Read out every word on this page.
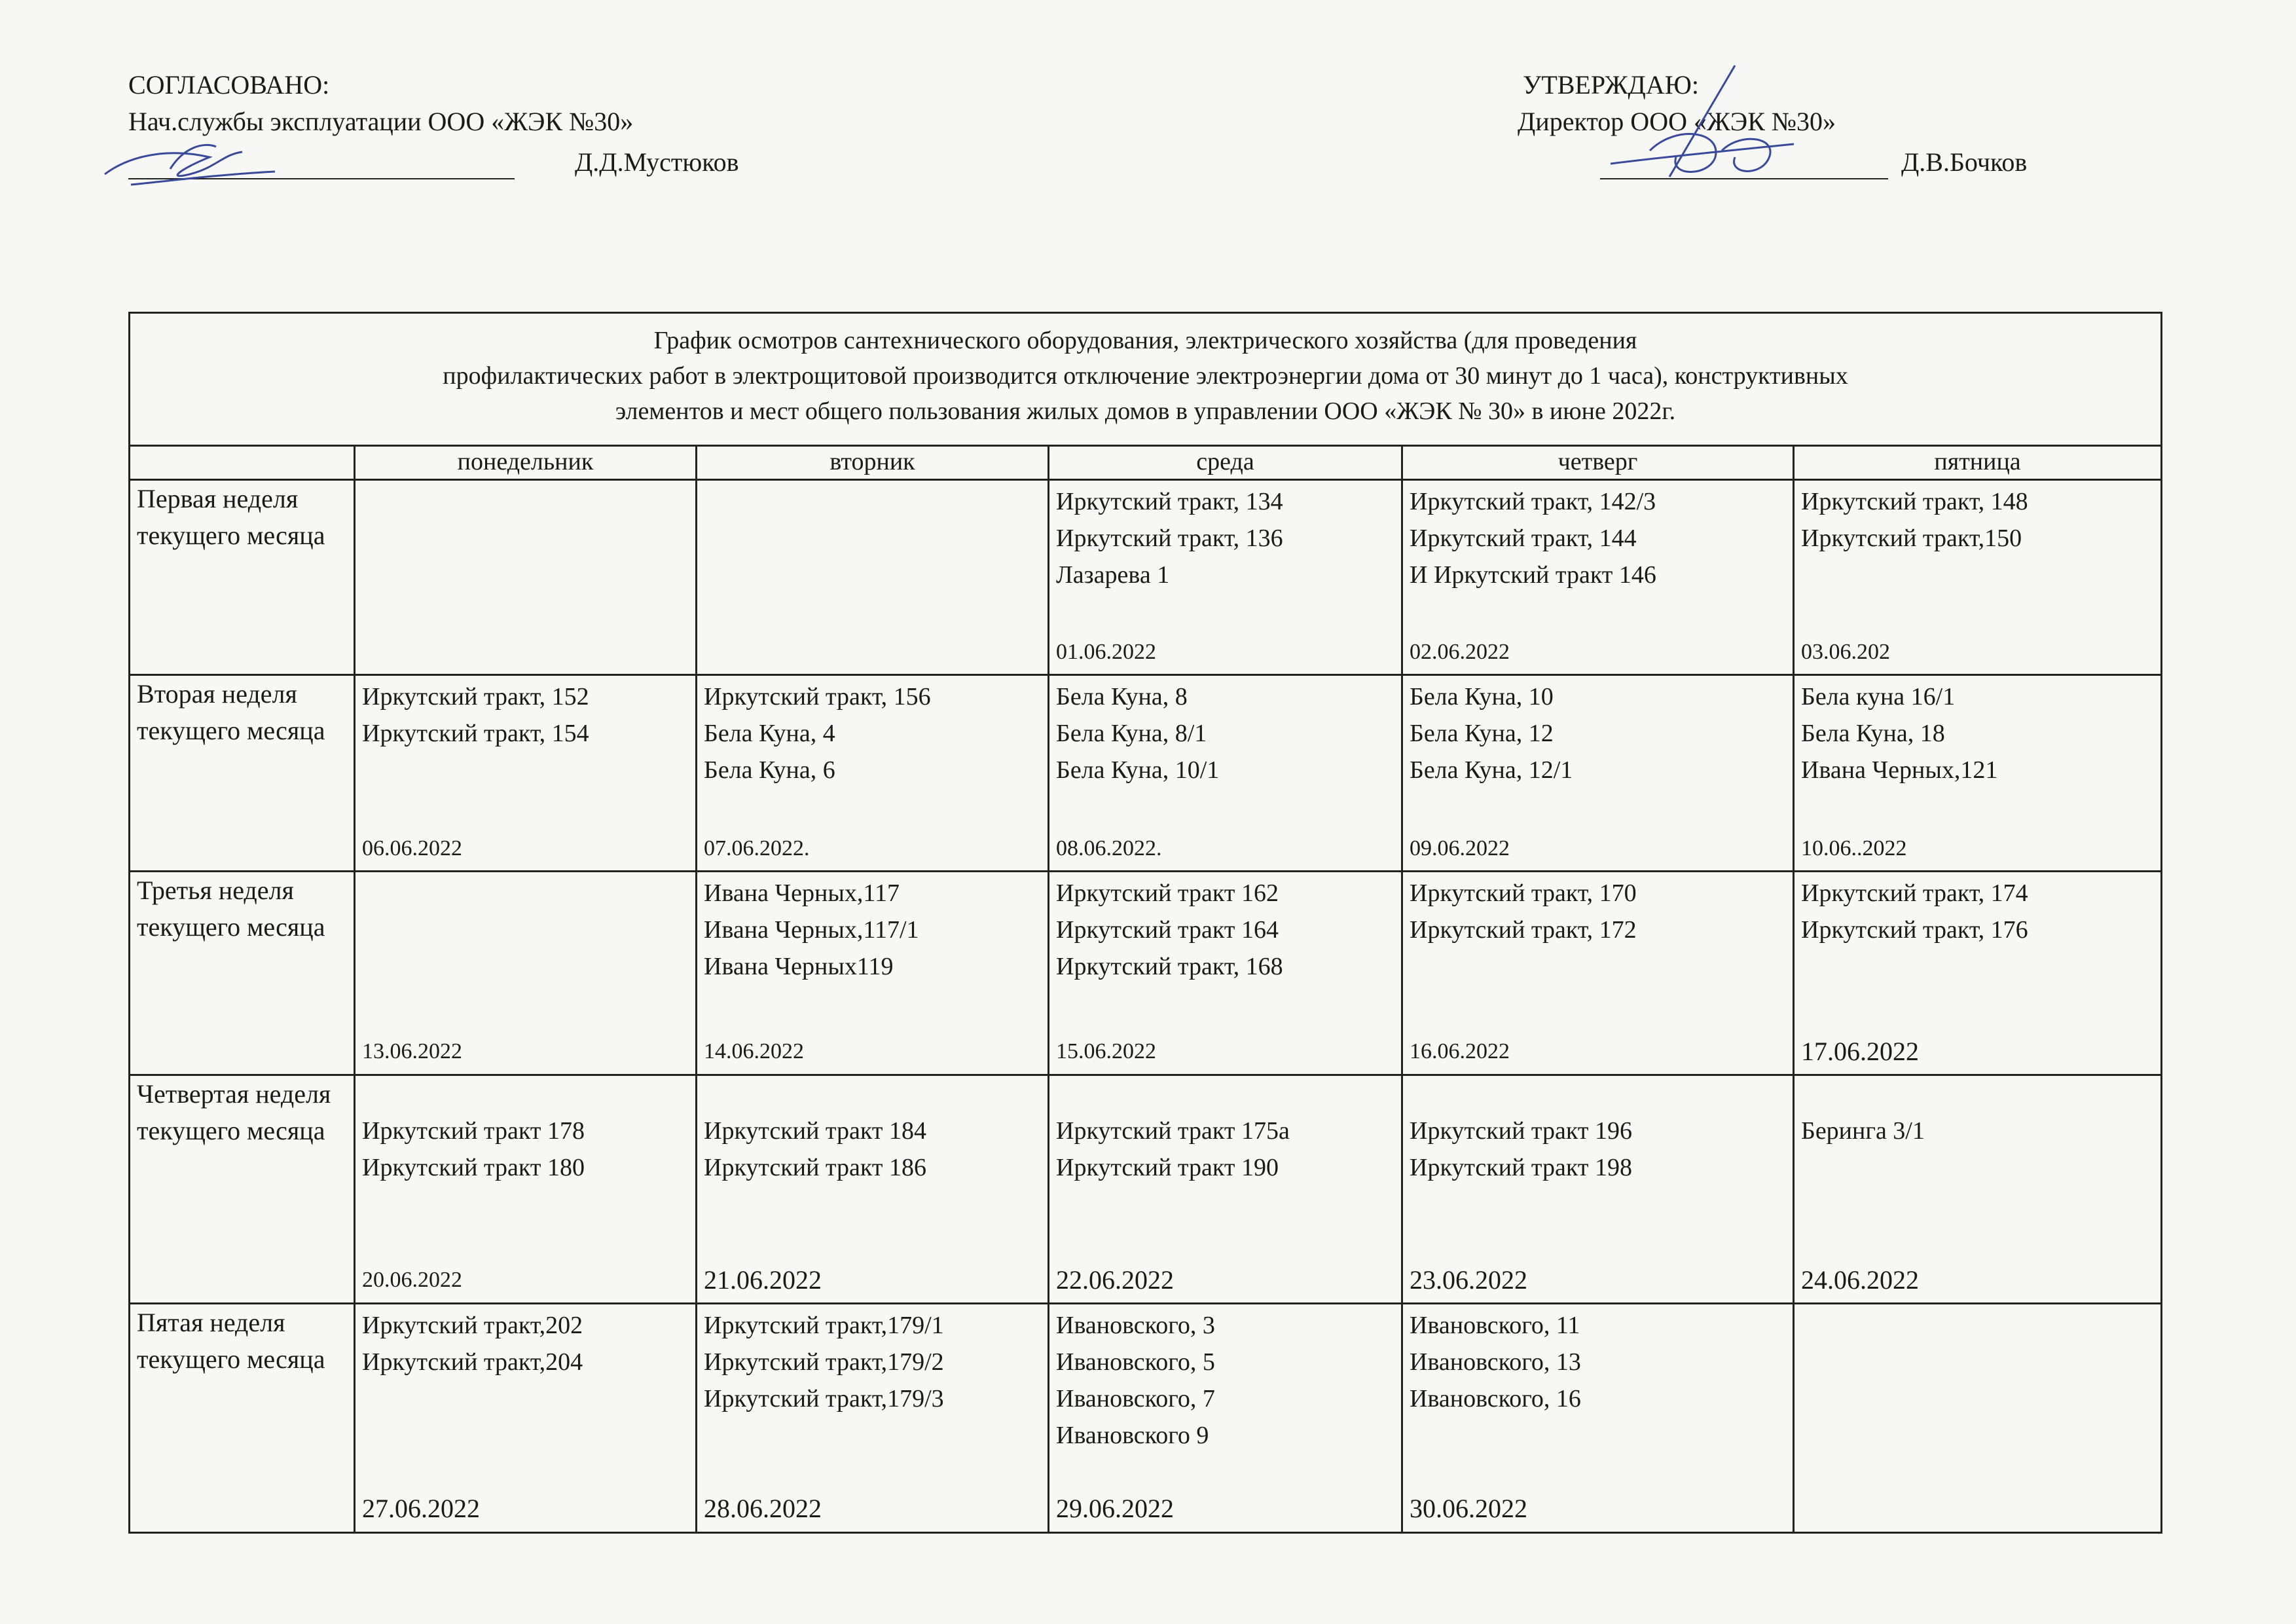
СОГЛАСОВАНО:
Нач.службы эксплуатации ООО «ЖЭК №30»
Д.Д.Мустюков
УТВЕРЖДАЮ:
Директор ООО «ЖЭК №30»
Д.В.Бочков
График осмотров сантехнического оборудования, электрического хозяйства (для проведения
профилактических работ в электрощитовой производится отключение электроэнергии дома от 30 минут до 1 часа), конструктивных
элементов и мест общего пользования жилых домов в управлении ООО «ЖЭК № 30» в июне 2022г.					

	понедельник	вторник	среда	четверг	пятница
Первая неделя текущего месяца			Иркутский тракт, 134
Иркутский тракт, 136
Лазарева 1
01.06.2022	Иркутский тракт, 142/3
Иркутский тракт, 144
И Иркутский тракт 146
02.06.2022	Иркутский тракт, 148
Иркутский тракт,150
03.06.202

Вторая неделя текущего месяца	Иркутский тракт, 152
Иркутский тракт, 154
06.06.2022	Иркутский тракт, 156
Бела Куна, 4
Бела Куна, 6
07.06.2022.	Бела Куна, 8
Бела Куна, 8/1
Бела Куна, 10/1
08.06.2022.	Бела Куна, 10
Бела Куна, 12
Бела Куна, 12/1
09.06.2022	Бела куна 16/1
Бела Куна, 18
Ивана Черных,121
10.06..2022

Третья неделя текущего месяца	13.06.2022	Ивана Черных,117
Ивана Черных,117/1
Ивана Черных119
14.06.2022	Иркутский тракт 162
Иркутский тракт 164
Иркутский тракт, 168
15.06.2022	Иркутский тракт, 170
Иркутский тракт, 172
16.06.2022	Иркутский тракт, 174
Иркутский тракт, 176
17.06.2022

Четвертая неделя текущего месяца	Иркутский тракт 178
Иркутский тракт 180
20.06.2022	Иркутский тракт 184
Иркутский тракт 186
21.06.2022	Иркутский тракт 175а
Иркутский тракт 190
22.06.2022	Иркутский тракт 196
Иркутский тракт 198
23.06.2022	Беринга 3/1
24.06.2022

Пятая неделя текущего месяца	Иркутский тракт,202
Иркутский тракт,204
27.06.2022	Иркутский тракт,179/1
Иркутский тракт,179/2
Иркутский тракт,179/3
28.06.2022	Ивановского, 3
Ивановского, 5
Ивановского, 7
Ивановского 9
29.06.2022	Ивановского, 11
Ивановского, 13
Ивановского, 16
30.06.2022	
